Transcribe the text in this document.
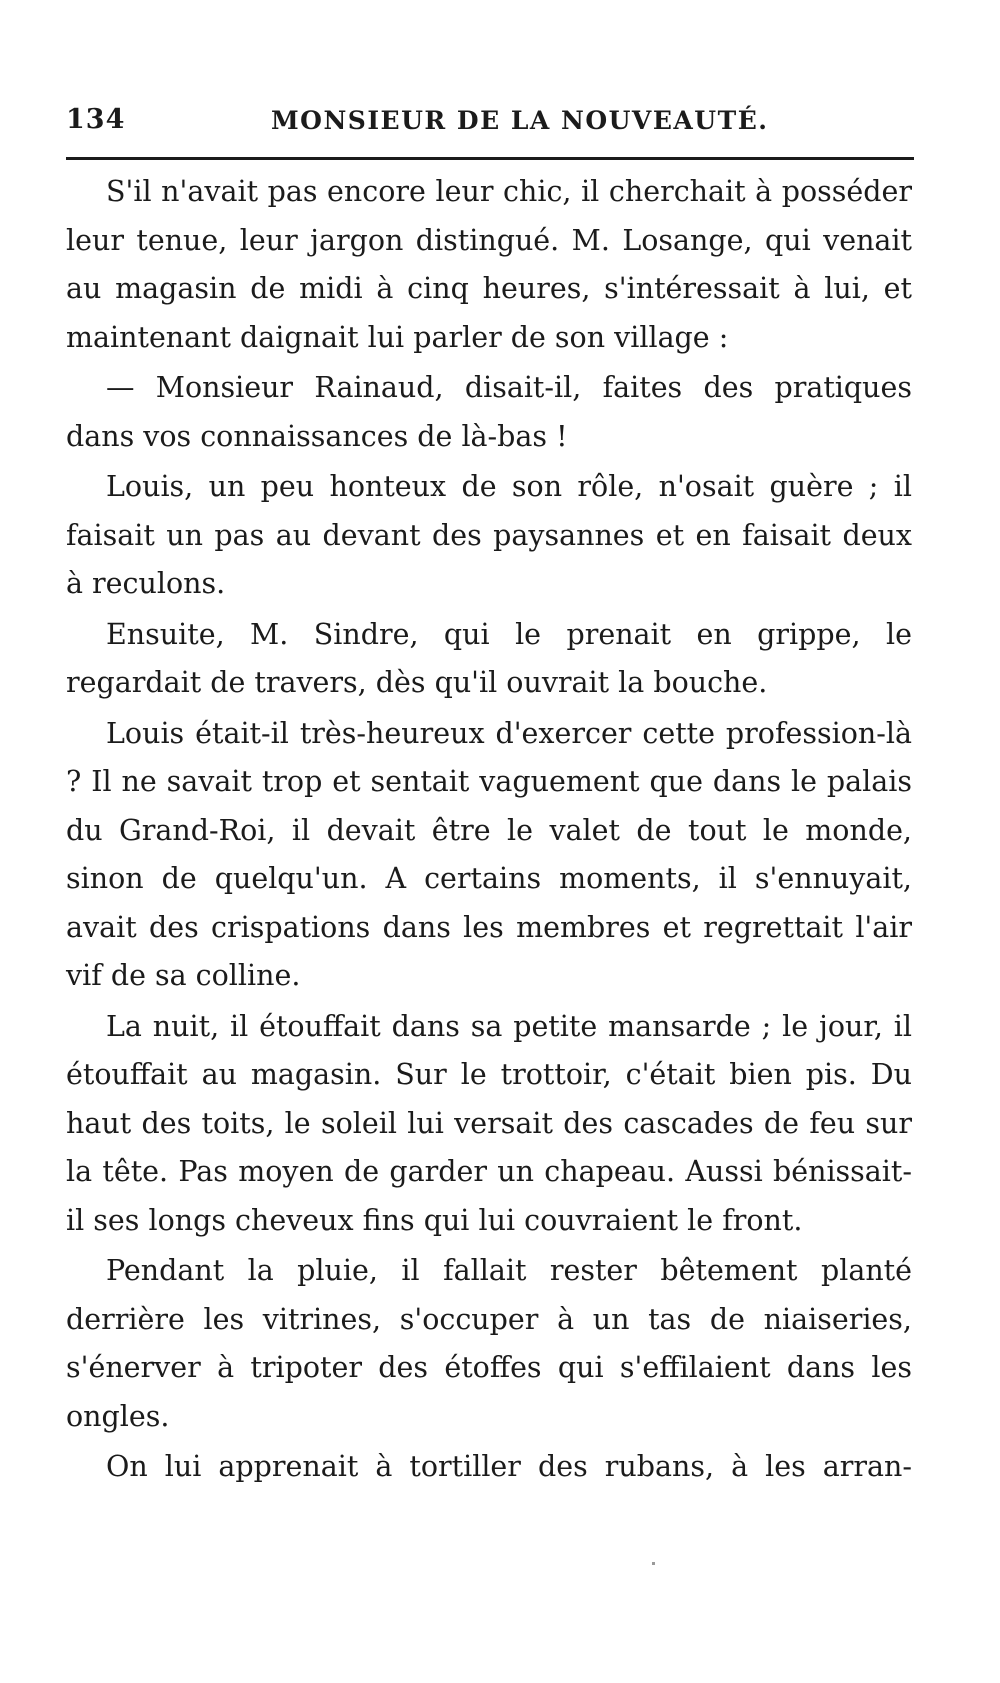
134	MONSIEUR DE LA NOUVEAUTÉ.

S'il n'avait pas encore leur chic, il cherchait à posséder leur tenue, leur jargon distingué. M. Losange, qui venait au magasin de midi à cinq heures, s'intéressait à lui, et maintenant daignait lui parler de son village :

— Monsieur Rainaud, disait-il, faites des pratiques dans vos connaissances de là-bas !

Louis, un peu honteux de son rôle, n'osait guère ; il faisait un pas au devant des paysannes et en faisait deux à reculons.

Ensuite, M. Sindre, qui le prenait en grippe, le regardait de travers, dès qu'il ouvrait la bouche.

Louis était-il très-heureux d'exercer cette profession-là ? Il ne savait trop et sentait vaguement que dans le palais du Grand-Roi, il devait être le valet de tout le monde, sinon de quelqu'un. A certains moments, il s'ennuyait, avait des crispations dans les membres et regrettait l'air vif de sa colline.

La nuit, il étouffait dans sa petite mansarde ; le jour, il étouffait au magasin. Sur le trottoir, c'était bien pis. Du haut des toits, le soleil lui versait des cascades de feu sur la tête. Pas moyen de garder un chapeau. Aussi bénissait-il ses longs cheveux fins qui lui couvraient le front.

Pendant la pluie, il fallait rester bêtement planté derrière les vitrines, s'occuper à un tas de niaiseries, s'énerver à tripoter des étoffes qui s'effilaient dans les ongles.

On lui apprenait à tortiller des rubans, à les arran-
